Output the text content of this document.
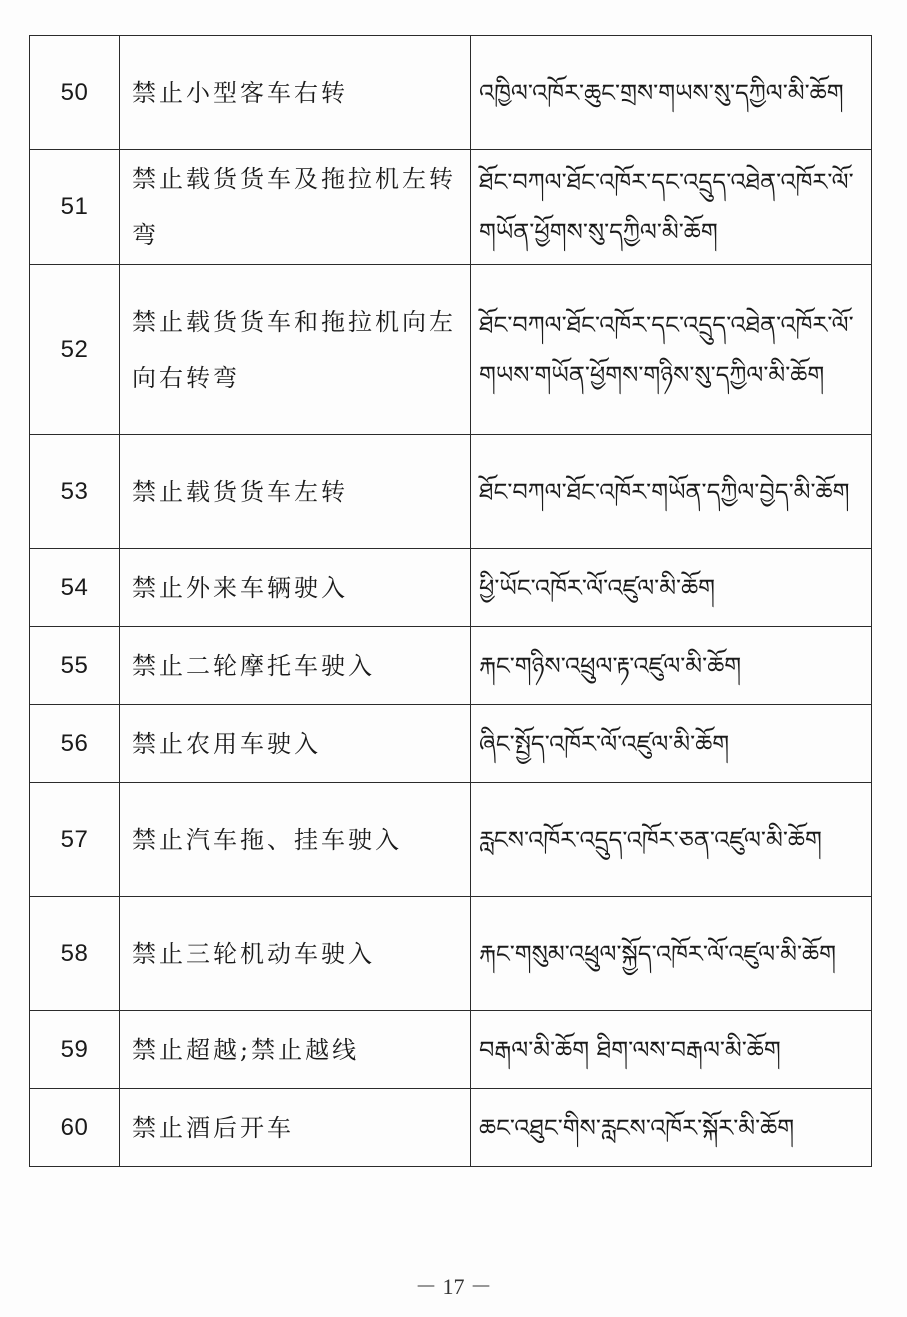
50	禁止小型客车右转	འཁྱིལ་འཁོར་ཆུང་གྲས་གཡས་སུ་དཀྱིལ་མི་ཆོག
51	禁止载货货车及拖拉机左转弯	ཐོང་བཀལ་ཐོང་འཁོར་དང་འདྲུད་འཐེན་འཁོར་ལོ་གཡོན་ཕྱོགས་སུ་དཀྱིལ་མི་ཆོག
52	禁止载货货车和拖拉机向左向右转弯	ཐོང་བཀལ་ཐོང་འཁོར་དང་འདྲུད་འཐེན་འཁོར་ལོ་གཡས་གཡོན་ཕྱོགས་གཉིས་སུ་དཀྱིལ་མི་ཆོག
53	禁止载货货车左转	ཐོང་བཀལ་ཐོང་འཁོར་གཡོན་དཀྱིལ་བྱེད་མི་ཆོག
54	禁止外来车辆驶入	ཕྱི་ཡོང་འཁོར་ལོ་འཛུལ་མི་ཆོག
55	禁止二轮摩托车驶入	རྐང་གཉིས་འཕྲུལ་རྟ་འཛུལ་མི་ཆོག
56	禁止农用车驶入	ཞིང་སྤྱོད་འཁོར་ལོ་འཛུལ་མི་ཆོག
57	禁止汽车拖、挂车驶入	རླངས་འཁོར་འདྲུད་འཁོར་ཅན་འཛུལ་མི་ཆོག
58	禁止三轮机动车驶入	རྐང་གསུམ་འཕྲུལ་སྐྱོད་འཁོར་ལོ་འཛུལ་མི་ཆོག
59	禁止超越;禁止越线	བརྒལ་མི་ཆོག ཐིག་ལས་བརྒལ་མི་ཆོག
60	禁止酒后开车	ཆང་འཐུང་གིས་རླངས་འཁོར་སྐོར་མི་ཆོག
－ 17 －
